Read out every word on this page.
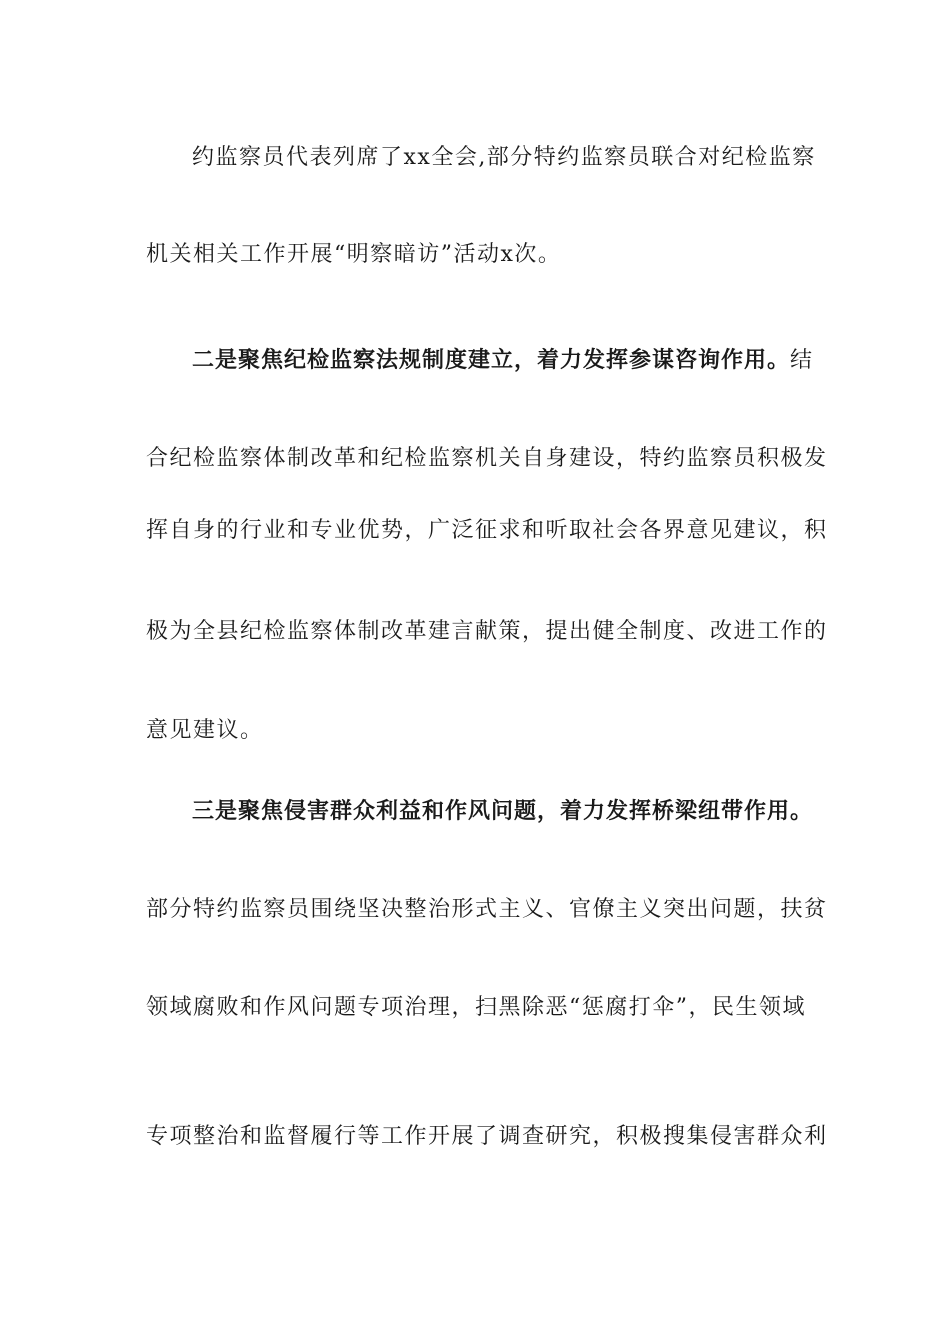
约监察员代表列席了xx全会,部分特约监察员联合对纪检监察
机关相关工作开展“明察暗访”活动x次。
二是聚焦纪检监察法规制度建立，着力发挥参谋咨询作用。结
合纪检监察体制改革和纪检监察机关自身建设，特约监察员积极发
挥自身的行业和专业优势，广泛征求和听取社会各界意见建议，积
极为全县纪检监察体制改革建言献策，提出健全制度、改进工作的
意见建议。
三是聚焦侵害群众利益和作风问题，着力发挥桥梁纽带作用。
部分特约监察员围绕坚决整治形式主义、官僚主义突出问题，扶贫
领域腐败和作风问题专项治理，扫黑除恶“惩腐打伞”，民生领域
专项整治和监督履行等工作开展了调查研究，积极搜集侵害群众利
